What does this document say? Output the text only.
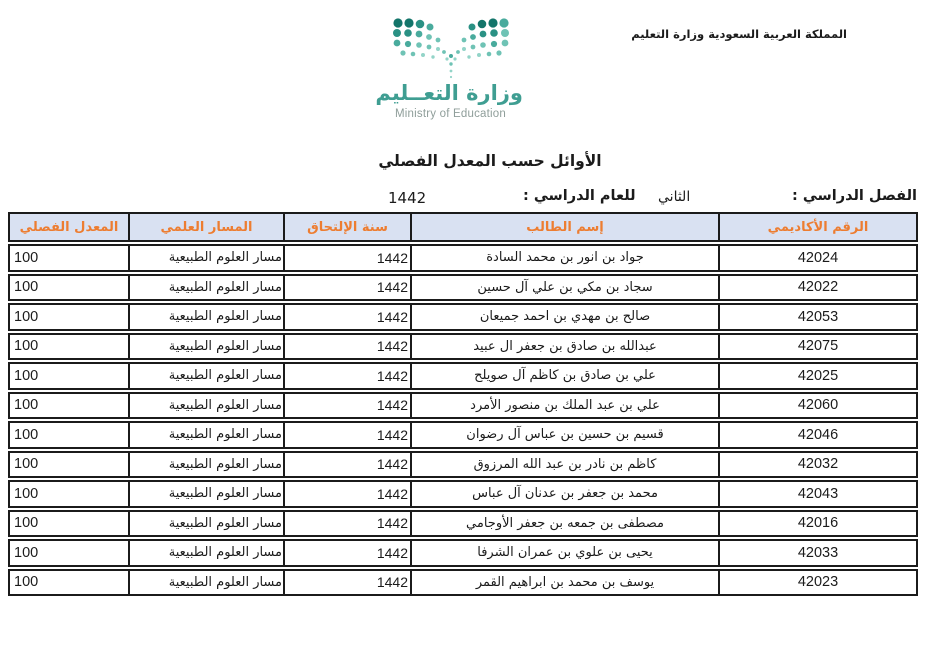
المملكة العربية السعودية وزارة التعليم
وزارة التعــليم
Ministry of Education
الأوائل حسب المعدل الفصلي
الفصل الدراسي :
الثاني
للعام الدراسي :
1442
الرقم الأكاديمي
إسم الطالب
سنة الإلتحاق
المسار العلمي
المعدل الفصلي
42024
جواد بن انور بن محمد السادة
1442
مسار العلوم الطبيعية
100
42022
سجاد بن مكي بن علي آل حسين
1442
مسار العلوم الطبيعية
100
42053
صالح بن مهدي بن احمد جميعان
1442
مسار العلوم الطبيعية
100
42075
عبدالله بن صادق بن جعفر ال عبيد
1442
مسار العلوم الطبيعية
100
42025
علي بن صادق بن كاظم آل صويلح
1442
مسار العلوم الطبيعية
100
42060
علي بن عبد الملك بن منصور الأمرد
1442
مسار العلوم الطبيعية
100
42046
قسيم بن حسين بن عباس آل رضوان
1442
مسار العلوم الطبيعية
100
42032
كاظم بن نادر بن عبد الله المرزوق
1442
مسار العلوم الطبيعية
100
42043
محمد بن جعفر بن عدنان آل عباس
1442
مسار العلوم الطبيعية
100
42016
مصطفى بن جمعه بن جعفر الأوجامي
1442
مسار العلوم الطبيعية
100
42033
يحيى بن علوي بن عمران الشرفا
1442
مسار العلوم الطبيعية
100
42023
يوسف بن محمد بن ابراهيم القمر
1442
مسار العلوم الطبيعية
100
